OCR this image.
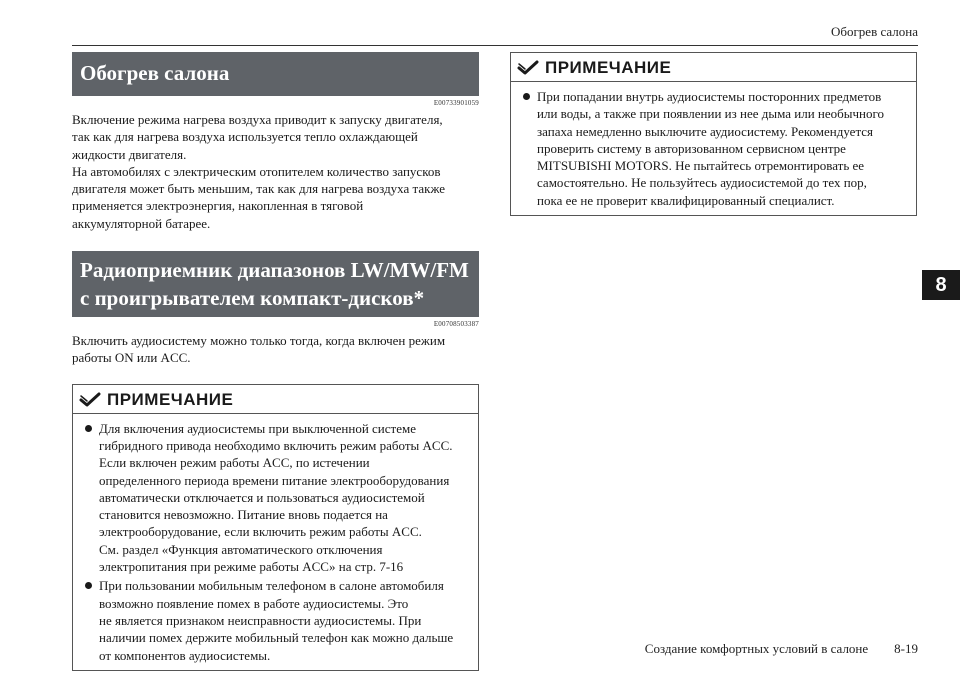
Обогрев салона
Обогрев салона
E00733901059
Включение режима нагрева воздуха приводит к запуску двигателя,
так как для нагрева воздуха используется тепло охлаждающей
жидкости двигателя.
На автомобилях с электрическим отопителем количество запусков
двигателя может быть меньшим, так как для нагрева воздуха также
применяется электроэнергия, накопленная в тяговой
аккумуляторной батарее.
Радиоприемник диапазонов LW/MW/FM
с проигрывателем компакт-дисков*
E00708503387
Включить аудиосистему можно только тогда, когда включен режим
работы ON или ACC.
ПРИМЕЧАНИЕ
Для включения аудиосистемы при выключенной системе
гибридного привода необходимо включить режим работы ACC.
Если включен режим работы ACC, по истечении
определенного периода времени питание электрооборудования
автоматически отключается и пользоваться аудиосистемой
становится невозможно. Питание вновь подается на
электрооборудование, если включить режим работы ACC.
См. раздел «Функция автоматического отключения
электропитания при режиме работы ACC» на стр. 7-16
При пользовании мобильным телефоном в салоне автомобиля
возможно появление помех в работе аудиосистемы. Это
не является признаком неисправности аудиосистемы. При
наличии помех держите мобильный телефон как можно дальше
от компонентов аудиосистемы.
ПРИМЕЧАНИЕ
При попадании внутрь аудиосистемы посторонних предметов
или воды, а также при появлении из нее дыма или необычного
запаха немедленно выключите аудиосистему. Рекомендуется
проверить систему в авторизованном сервисном центре
MITSUBISHI MOTORS. Не пытайтесь отремонтировать ее
самостоятельно. Не пользуйтесь аудиосистемой до тех пор,
пока ее не проверит квалифицированный специалист.
8
Создание комфортных условий в салоне 8-19
